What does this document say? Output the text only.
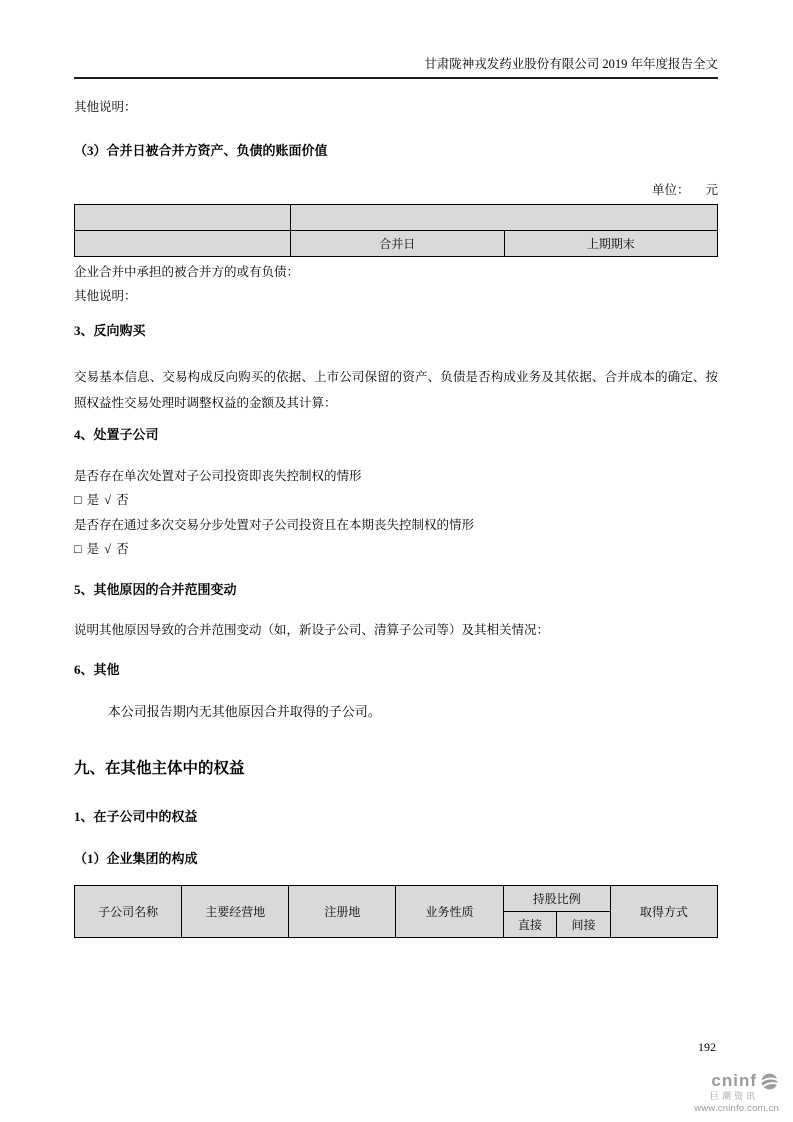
甘肃陇神戎发药业股份有限公司 2019 年年度报告全文
其他说明：
（3）合并日被合并方资产、负债的账面价值
单位： 元

	合并日	上期期末
企业合并中承担的被合并方的或有负债：
其他说明：
3、反向购买
交易基本信息、交易构成反向购买的依据、上市公司保留的资产、负债是否构成业务及其依据、合并成本的确定、按照权益性交易处理时调整权益的金额及其计算：
4、处置子公司
是否存在单次处置对子公司投资即丧失控制权的情形
□ 是 √ 否
是否存在通过多次交易分步处置对子公司投资且在本期丧失控制权的情形
□ 是 √ 否
5、其他原因的合并范围变动
说明其他原因导致的合并范围变动（如，新设子公司、清算子公司等）及其相关情况：
6、其他
本公司报告期内无其他原因合并取得的子公司。
九、在其他主体中的权益
1、在子公司中的权益
（1）企业集团的构成
子公司名称	主要经营地	注册地	业务性质	持股比例		取得方式
				直接	间接	
192
cninf
巨潮资讯
www.cninfo.com.cn
